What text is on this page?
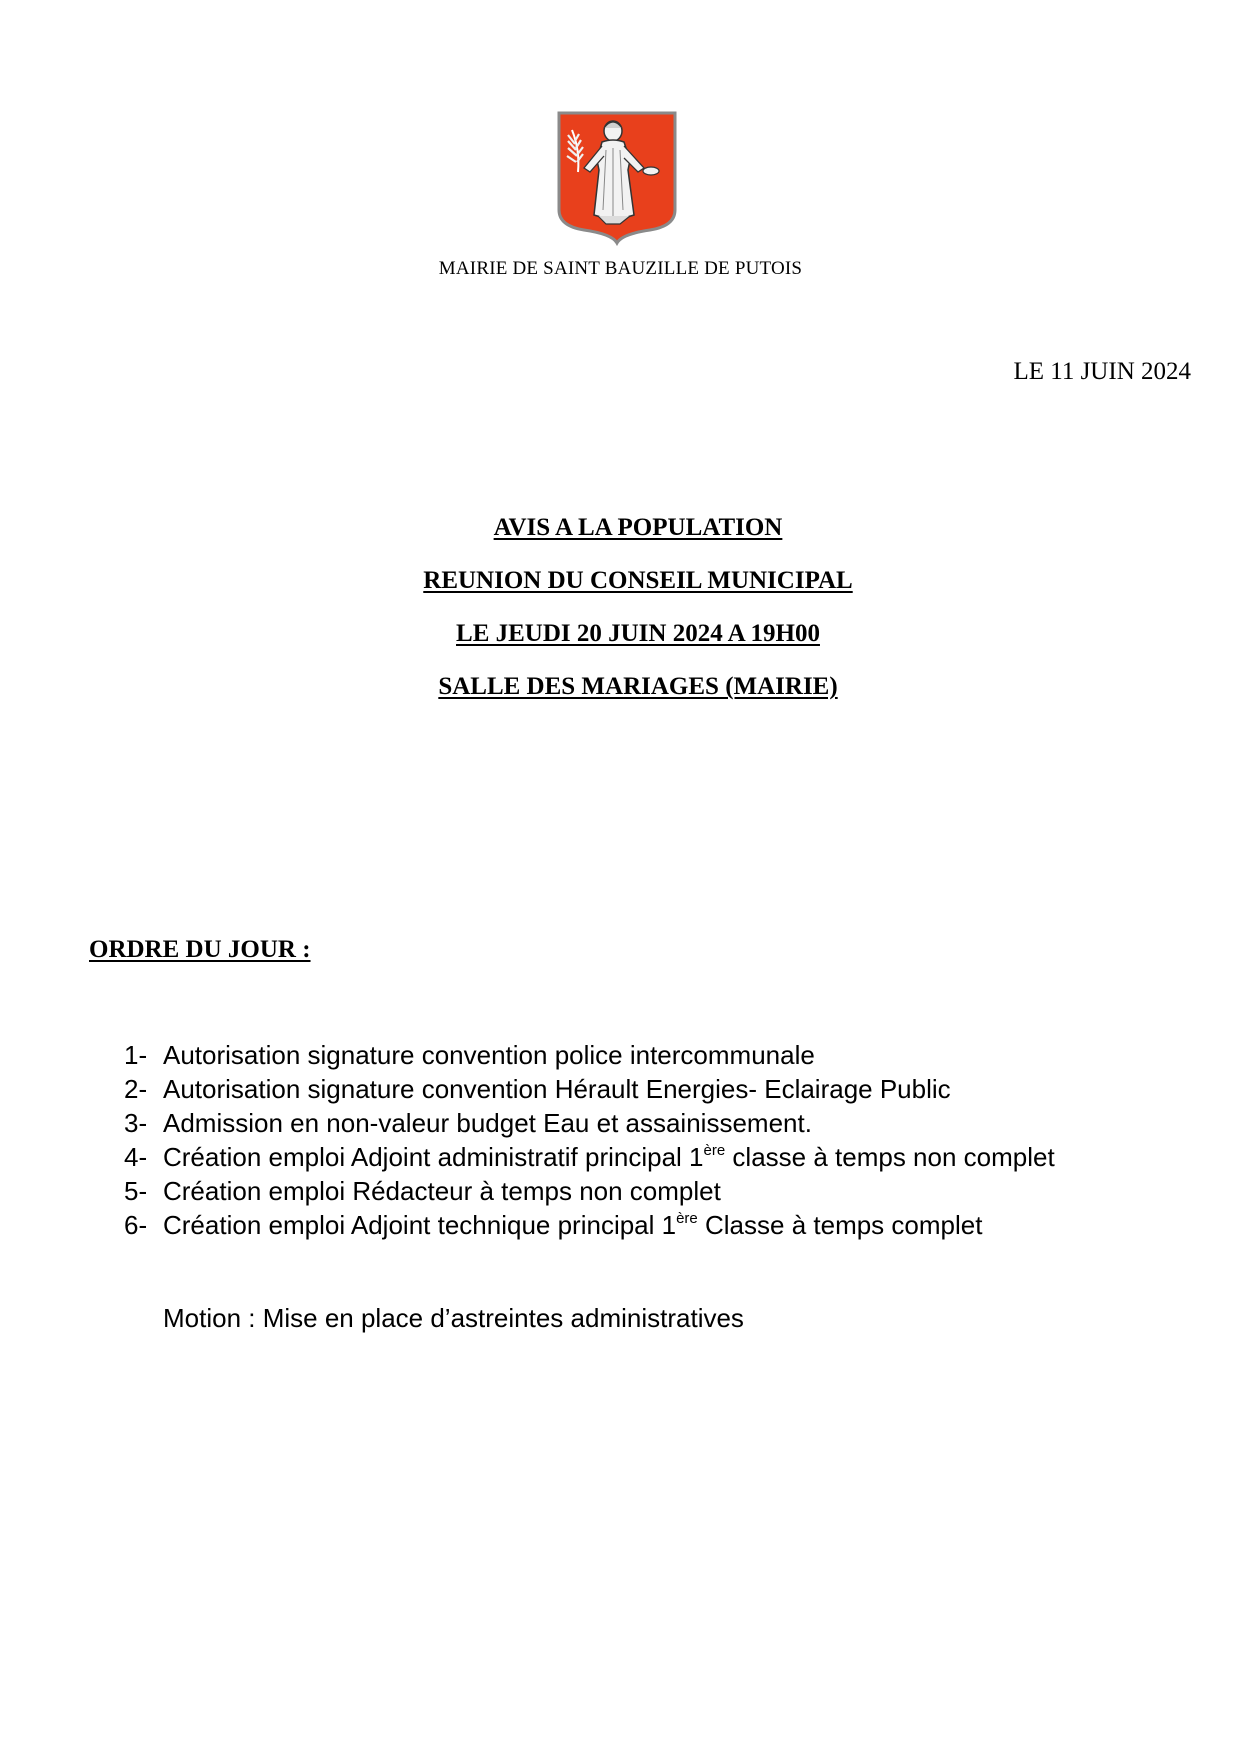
MAIRIE DE SAINT BAUZILLE DE PUTOIS
LE 11 JUIN 2024
AVIS A LA POPULATION
REUNION DU CONSEIL MUNICIPAL
LE JEUDI 20 JUIN 2024 A 19H00
SALLE DES MARIAGES (MAIRIE)
ORDRE DU JOUR :
1- Autorisation signature convention police intercommunale
2- Autorisation signature convention Hérault Energies- Eclairage Public
3- Admission en non-valeur budget Eau et assainissement.
4- Création emploi Adjoint administratif principal 1ère classe à temps non complet
5- Création emploi Rédacteur à temps non complet
6- Création emploi Adjoint technique principal 1ère Classe à temps complet
Motion : Mise en place d’astreintes administratives
